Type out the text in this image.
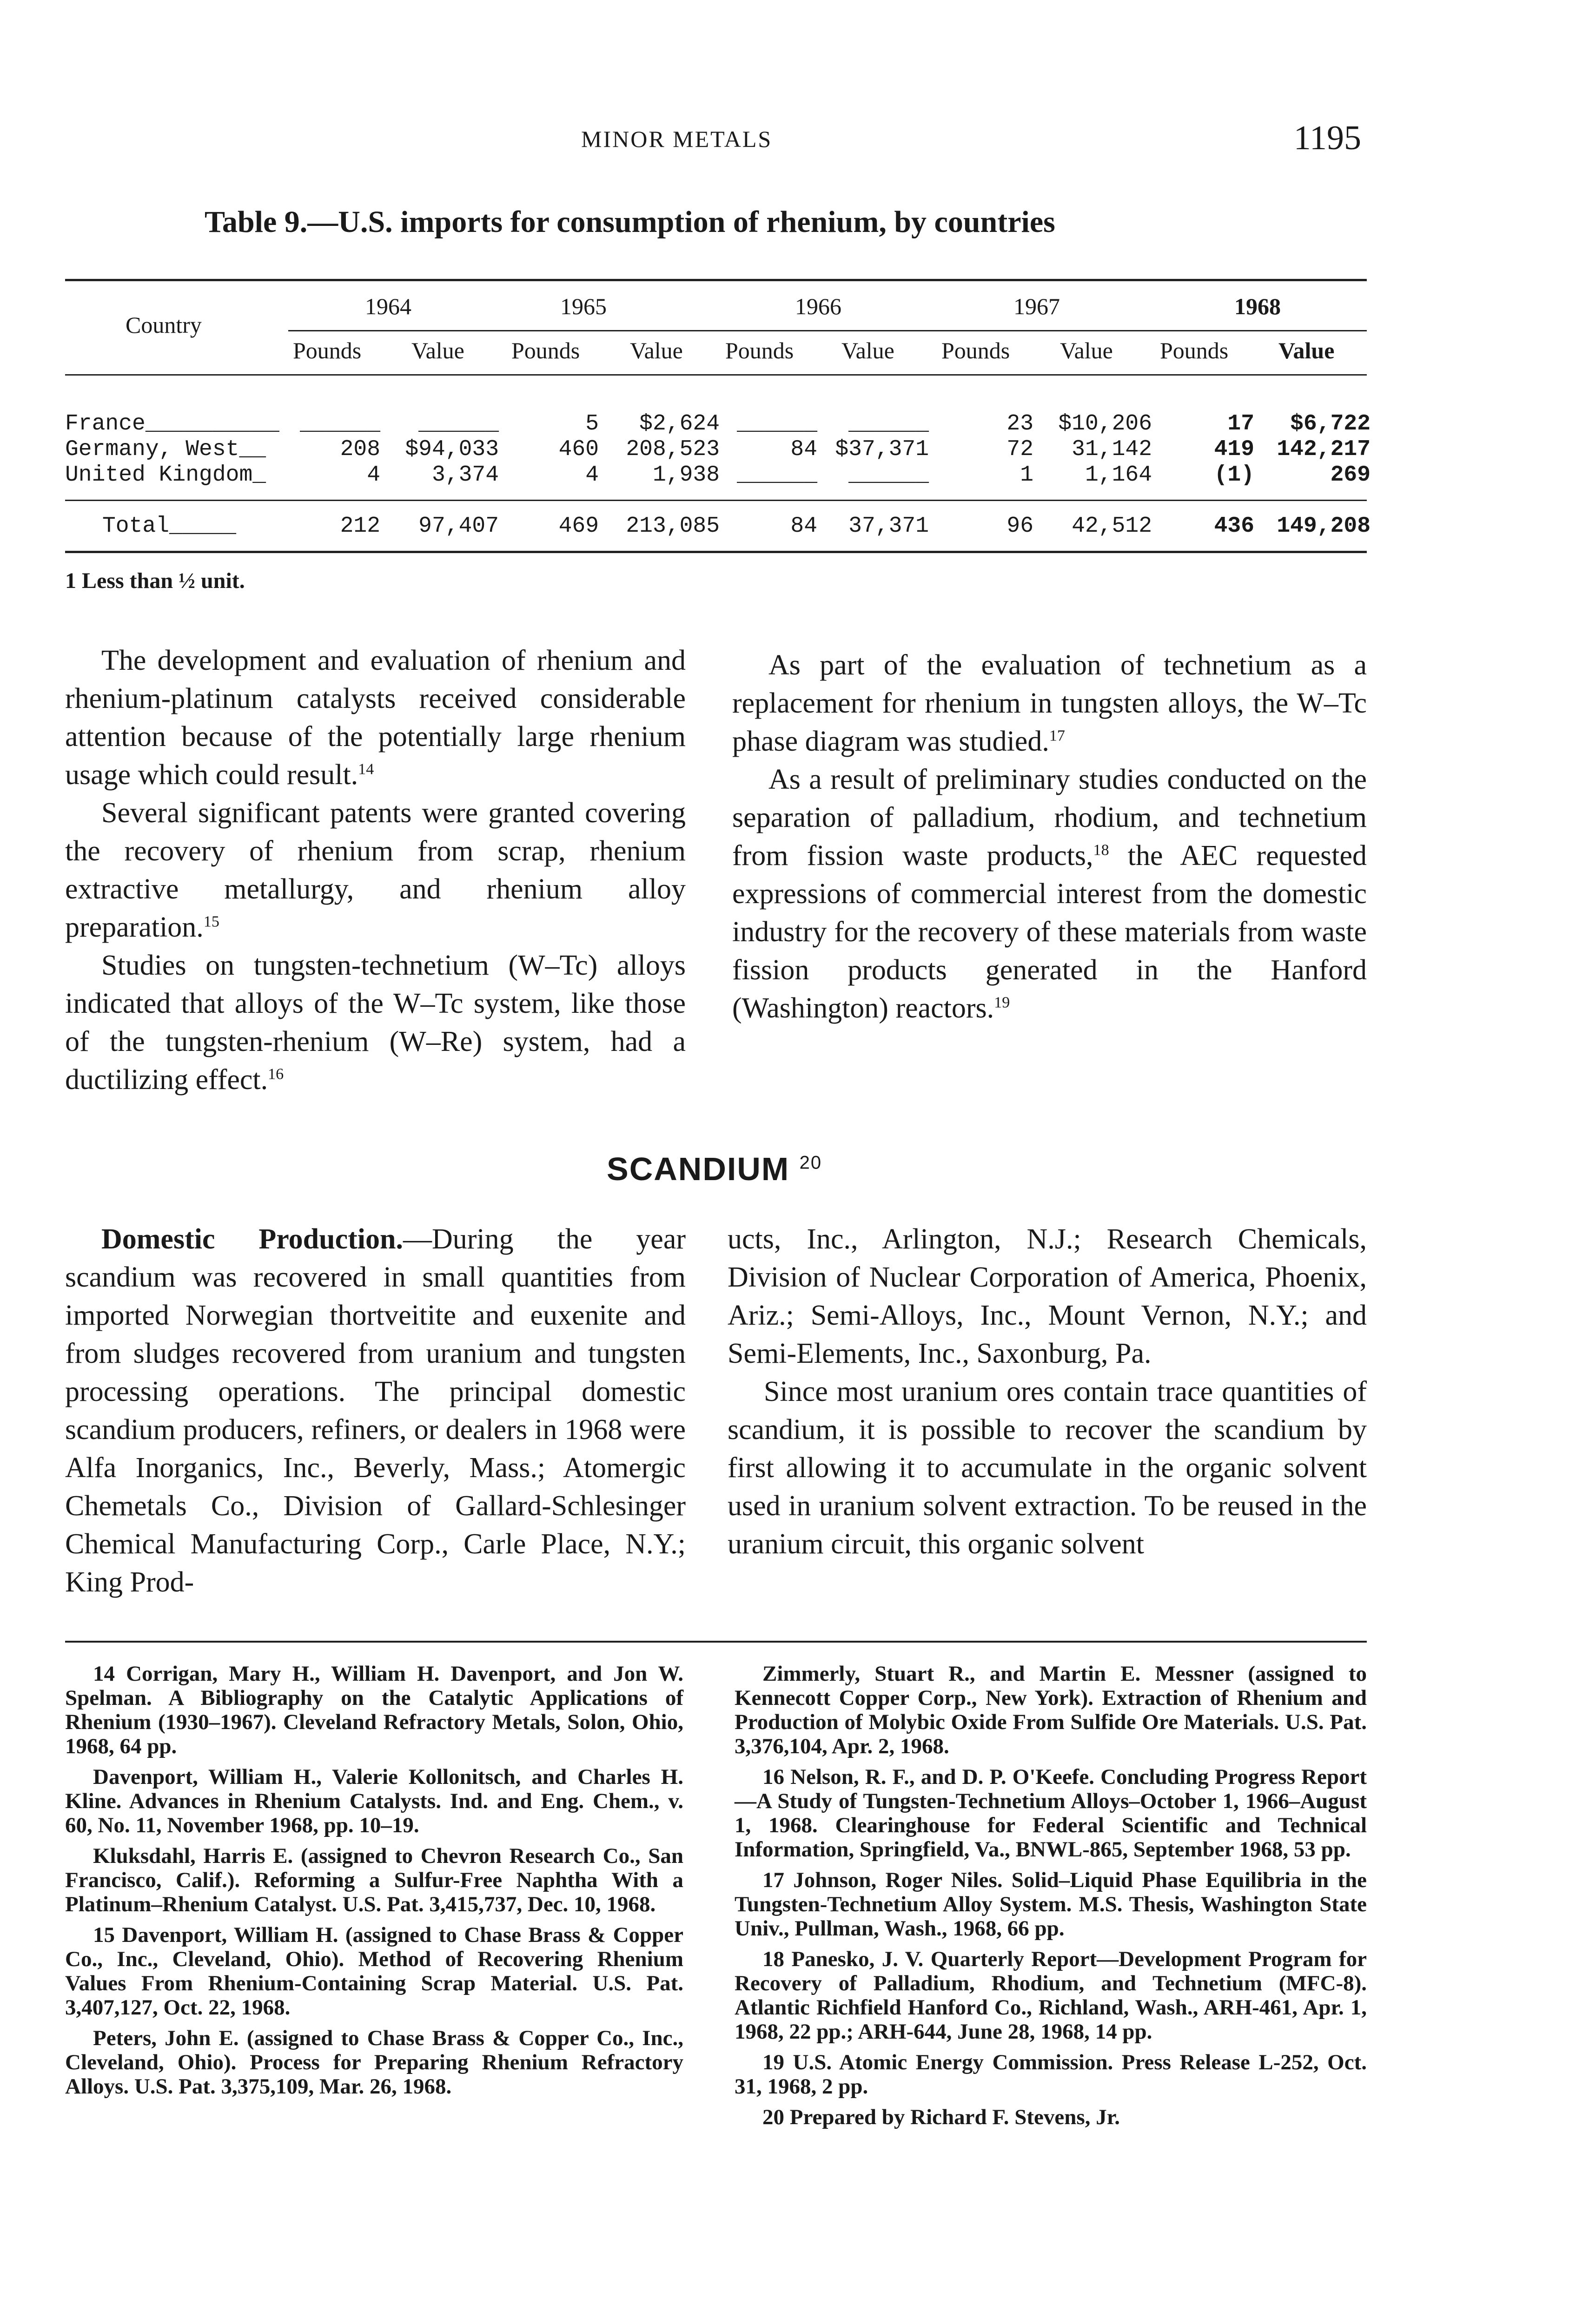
MINOR METALS	1195
Table 9.—U.S. imports for consumption of rhenium, by countries
Country
1964	1965	1966	1967	1968
Pounds Value Pounds Value Pounds Value Pounds Value Pounds Value
France__________ ______ ______	5 $2,624 ______ ______	23 $10,206	17 $6,722
Germany, West__	208 $94,033	460 208,523	84 $37,371	72 31,142	419 142,217
United Kingdom_	4 3,374	4 1,938 ______ ______	1 1,164	(1)	269
Total_____	212 97,407	469 213,085	84 37,371	96 42,512	436 149,208
1 Less than ½ unit.

The development and evaluation of rhenium and rhenium-platinum catalysts received considerable attention because of the potentially large rhenium usage which could result.$^{14}$

Several significant patents were granted covering the recovery of rhenium from scrap, rhenium extractive metallurgy, and rhenium alloy preparation.$^{15}$

Studies on tungsten-technetium (W–Tc) alloys indicated that alloys of the W–Tc system, like those of the tungsten-rhenium (W–Re) system, had a ductilizing effect.$^{16}$

As part of the evaluation of technetium as a replacement for rhenium in tungsten alloys, the W–Tc phase diagram was studied.$^{17}$

As a result of preliminary studies conducted on the separation of palladium, rhodium, and technetium from fission waste products,$^{18}$ the AEC requested expressions of commercial interest from the domestic industry for the recovery of these materials from waste fission products generated in the Hanford (Washington) reactors.$^{19}$

SCANDIUM $^{20}$

Domestic Production.—During the year scandium was recovered in small quantities from imported Norwegian thortveitite and euxenite and from sludges recovered from uranium and tungsten processing operations. The principal domestic scandium producers, refiners, or dealers in 1968 were Alfa Inorganics, Inc., Beverly, Mass.; Atomergic Chemetals Co., Division of Gallard-Schlesinger Chemical Manufacturing Corp., Carle Place, N.Y.; King Prod-

ucts, Inc., Arlington, N.J.; Research Chemicals, Division of Nuclear Corporation of America, Phoenix, Ariz.; Semi-Alloys, Inc., Mount Vernon, N.Y.; and Semi-Elements, Inc., Saxonburg, Pa.

Since most uranium ores contain trace quantities of scandium, it is possible to recover the scandium by first allowing it to accumulate in the organic solvent used in uranium solvent extraction. To be reused in the uranium circuit, this organic solvent

14 Corrigan, Mary H., William H. Davenport, and Jon W. Spelman. A Bibliography on the Catalytic Applications of Rhenium (1930–1967). Cleveland Refractory Metals, Solon, Ohio, 1968, 64 pp.

Davenport, William H., Valerie Kollonitsch, and Charles H. Kline. Advances in Rhenium Catalysts. Ind. and Eng. Chem., v. 60, No. 11, November 1968, pp. 10–19.

Kluksdahl, Harris E. (assigned to Chevron Research Co., San Francisco, Calif.). Reforming a Sulfur-Free Naphtha With a Platinum–Rhenium Catalyst. U.S. Pat. 3,415,737, Dec. 10, 1968.

15 Davenport, William H. (assigned to Chase Brass & Copper Co., Inc., Cleveland, Ohio). Method of Recovering Rhenium Values From Rhenium-Containing Scrap Material. U.S. Pat. 3,407,127, Oct. 22, 1968.

Peters, John E. (assigned to Chase Brass & Copper Co., Inc., Cleveland, Ohio). Process for Preparing Rhenium Refractory Alloys. U.S. Pat. 3,375,109, Mar. 26, 1968.

Zimmerly, Stuart R., and Martin E. Messner (assigned to Kennecott Copper Corp., New York). Extraction of Rhenium and Production of Molybic Oxide From Sulfide Ore Materials. U.S. Pat. 3,376,104, Apr. 2, 1968.

16 Nelson, R. F., and D. P. O'Keefe. Concluding Progress Report—A Study of Tungsten-Technetium Alloys–October 1, 1966–August 1, 1968. Clearinghouse for Federal Scientific and Technical Information, Springfield, Va., BNWL-865, September 1968, 53 pp.

17 Johnson, Roger Niles. Solid–Liquid Phase Equilibria in the Tungsten-Technetium Alloy System. M.S. Thesis, Washington State Univ., Pullman, Wash., 1968, 66 pp.

18 Panesko, J. V. Quarterly Report—Development Program for Recovery of Palladium, Rhodium, and Technetium (MFC-8). Atlantic Richfield Hanford Co., Richland, Wash., ARH-461, Apr. 1, 1968, 22 pp.; ARH-644, June 28, 1968, 14 pp.

19 U.S. Atomic Energy Commission. Press Release L-252, Oct. 31, 1968, 2 pp.

20 Prepared by Richard F. Stevens, Jr.
